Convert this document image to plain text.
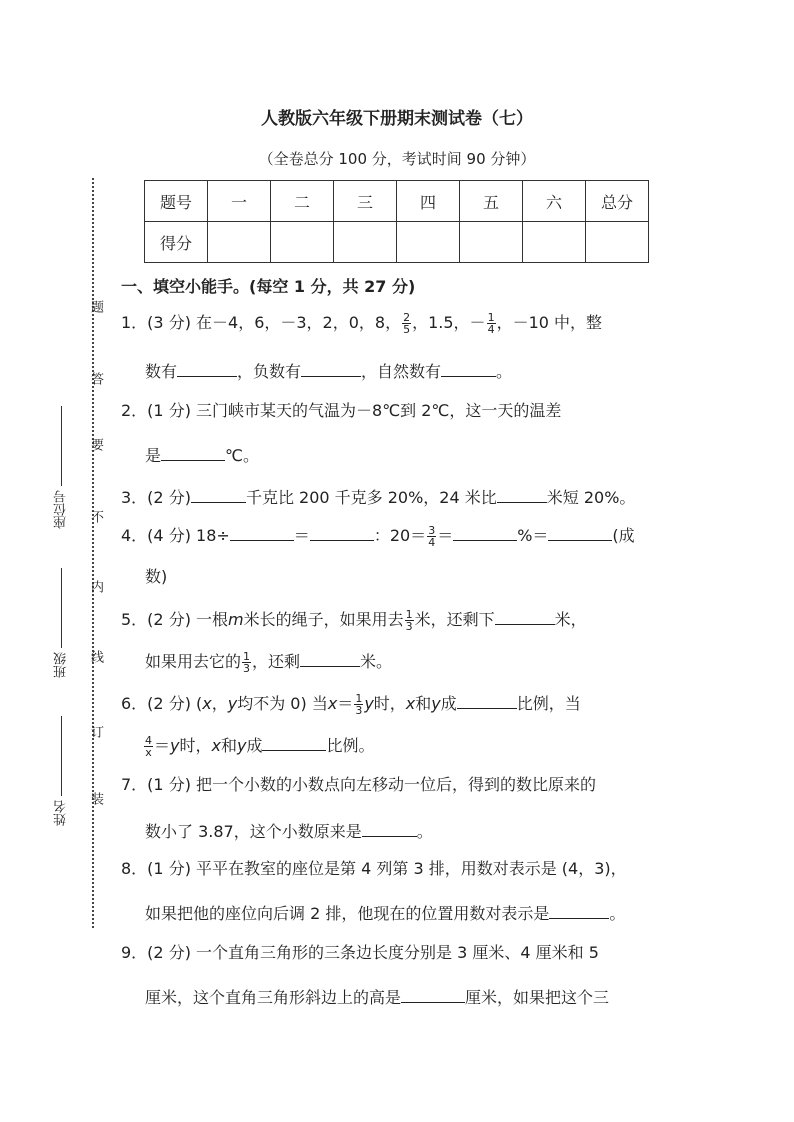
题
答
要
不
内
线
订
装
座位号
班级
姓名
人教版六年级下册期末测试卷（七）
（全卷总分 100 分，考试时间 90 分钟）
题号	一	二	三	四	五	六	总分
得分							
一、填空小能手。(每空 1 分，共 27 分)
1．(3 分) 在－4，6，－3，2，0，8， $\frac{2}{5}$ ，1.5，－ $\frac{1}{4}$ ，－10 中，整
数有	，负数有	，自然数有	。
2．(1 分) 三门峡市某天的气温为－8℃到 2℃，这一天的温差
是	℃。
3．(2 分)	千克比 200 千克多 20%，24 米比	米短 20%。
4．(4 分) 18÷	＝	：$20= \frac{3}{4}$ ＝	%＝	(成
数)
5．(2 分) 一根m米长的绳子，如果用去 $\frac{1}{3}$ 米，还剩下	米，
如果用去它的 $\frac{1}{3}$ ，还剩	米。
6．(2 分) (x，y均不为 0) 当$x= \frac{1}{3}$ y时，x和y成	比例，当
$\frac{4}{x} =y$时，x和y成	比例。
7．(1 分) 把一个小数的小数点向左移动一位后，得到的数比原来的
数小了 3.87，这个小数原来是	。
8．(1 分) 平平在教室的座位是第 4 列第 3 排，用数对表示是 (4，3)，
如果把他的座位向后调 2 排，他现在的位置用数对表示是	。
9．(2 分) 一个直角三角形的三条边长度分别是 3 厘米、4 厘米和 5
厘米，这个直角三角形斜边上的高是	厘米，如果把这个三
